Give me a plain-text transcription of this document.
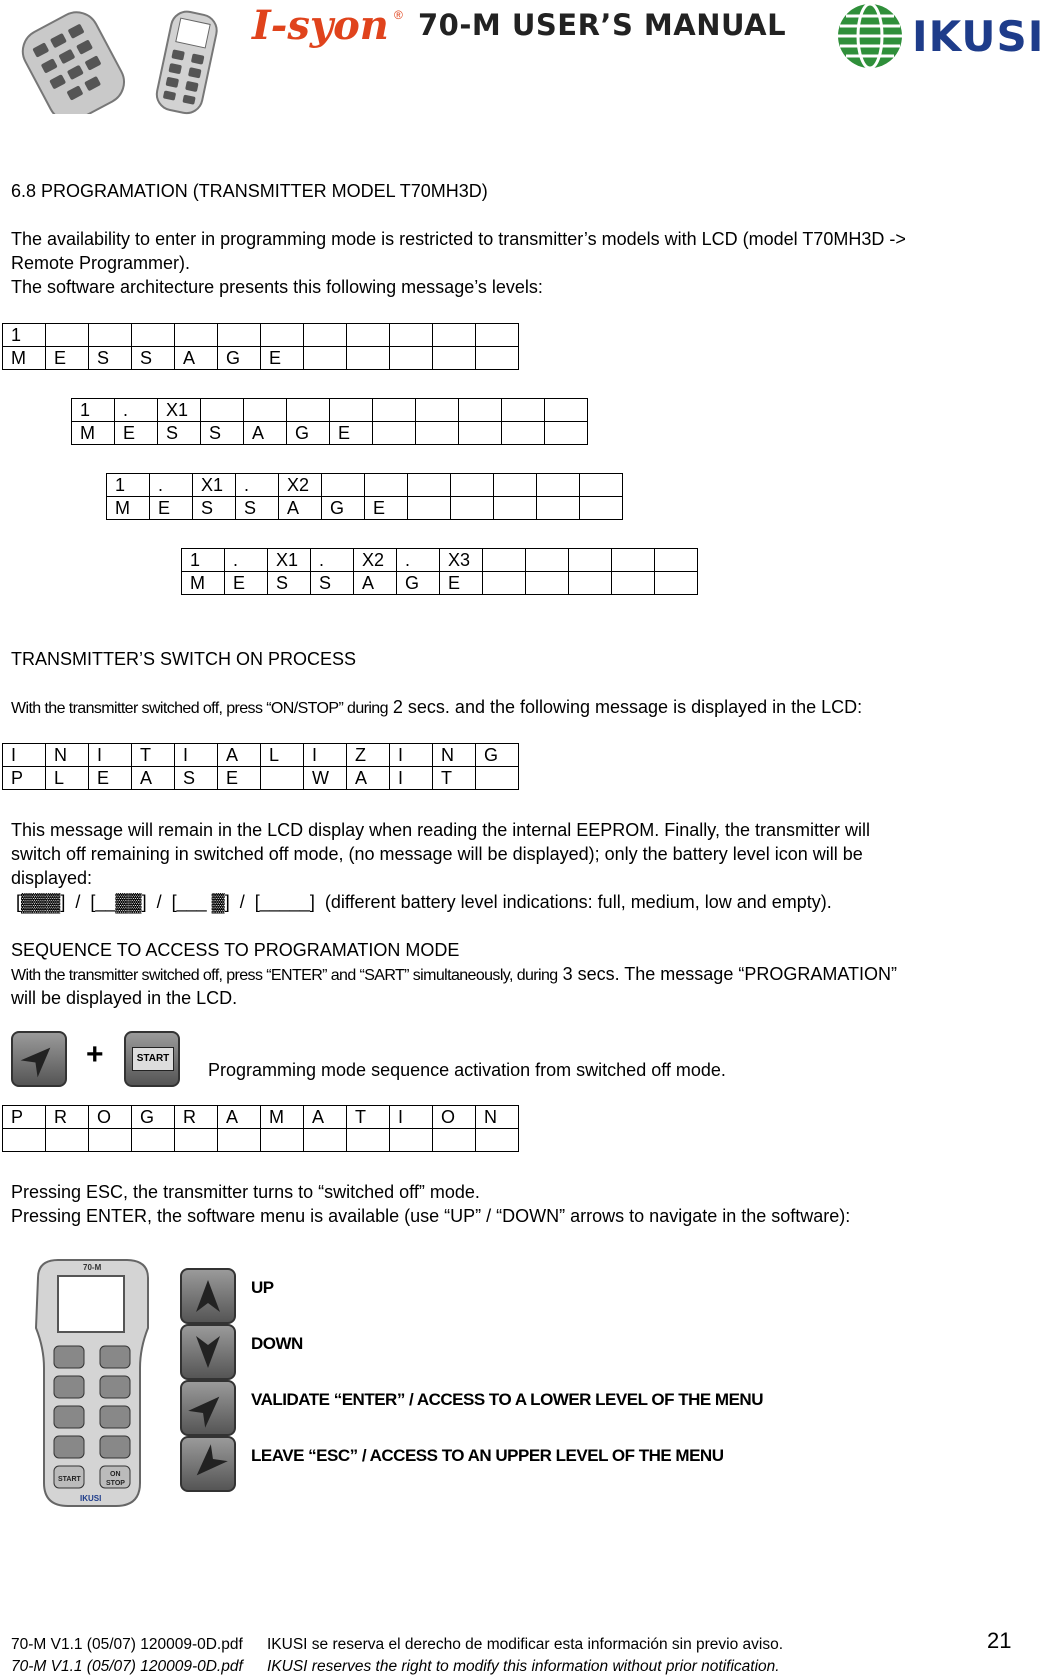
I-syon ® 70-M USER’S MANUAL	IKUSI
6.8 PROGRAMATION (TRANSMITTER MODEL T70MH3D)
The availability to enter in programming mode is restricted to transmitter’s models with LCD (model T70MH3D ->
Remote Programmer).
The software architecture presents this following message’s levels:
1											
M	E	S	S	A	G	E					
1	.	X1									
M	E	S	S	A	G	E					
1	.	X1	.	X2							
M	E	S	S	A	G	E					
1	.	X1	.	X2	.	X3					
M	E	S	S	A	G	E					
TRANSMITTER’S SWITCH ON PROCESS
With the transmitter switched off, press “ON/STOP” during 2 secs. and the following message is displayed in the LCD:
I	N	I	T	I	A	L	I	Z	I	N	G
P	L	E	A	S	E		W	A	I	T	
This message will remain in the LCD display when reading the internal EEPROM. Finally, the transmitter will
switch off remaining in switched off mode, (no message will be displayed); only the battery level icon will be
displayed:
[▓▓▓]  /  [__▓▓]  /  [___ ▓]  /  [_____]  (different battery level indications: full, medium, low and empty).
SEQUENCE TO ACCESS TO PROGRAMATION MODE
With the transmitter switched off, press “ENTER” and “SART” simultaneously, during 3 secs. The message “PROGRAMATION”
will be displayed in the LCD.
+	START
Programming mode sequence activation from switched off mode.
P	R	O	G	R	A	M	A	T	I	O	N

Pressing ESC, the transmitter turns to “switched off” mode.
Pressing ENTER, the software menu is available (use “UP” / “DOWN” arrows to navigate in the software):
70-M
START
ON
STOP
IKUSI
UP
DOWN
VALIDATE “ENTER” / ACCESS TO A LOWER LEVEL OF THE MENU
LEAVE “ESC” / ACCESS TO AN UPPER LEVEL OF THE MENU
70-M V1.1 (05/07) 120009-0D.pdf IKUSI se reserva el derecho de modificar esta información sin previo aviso.
70-M V1.1 (05/07) 120009-0D.pdf IKUSI reserves the right to modify this information without prior notification.
21
